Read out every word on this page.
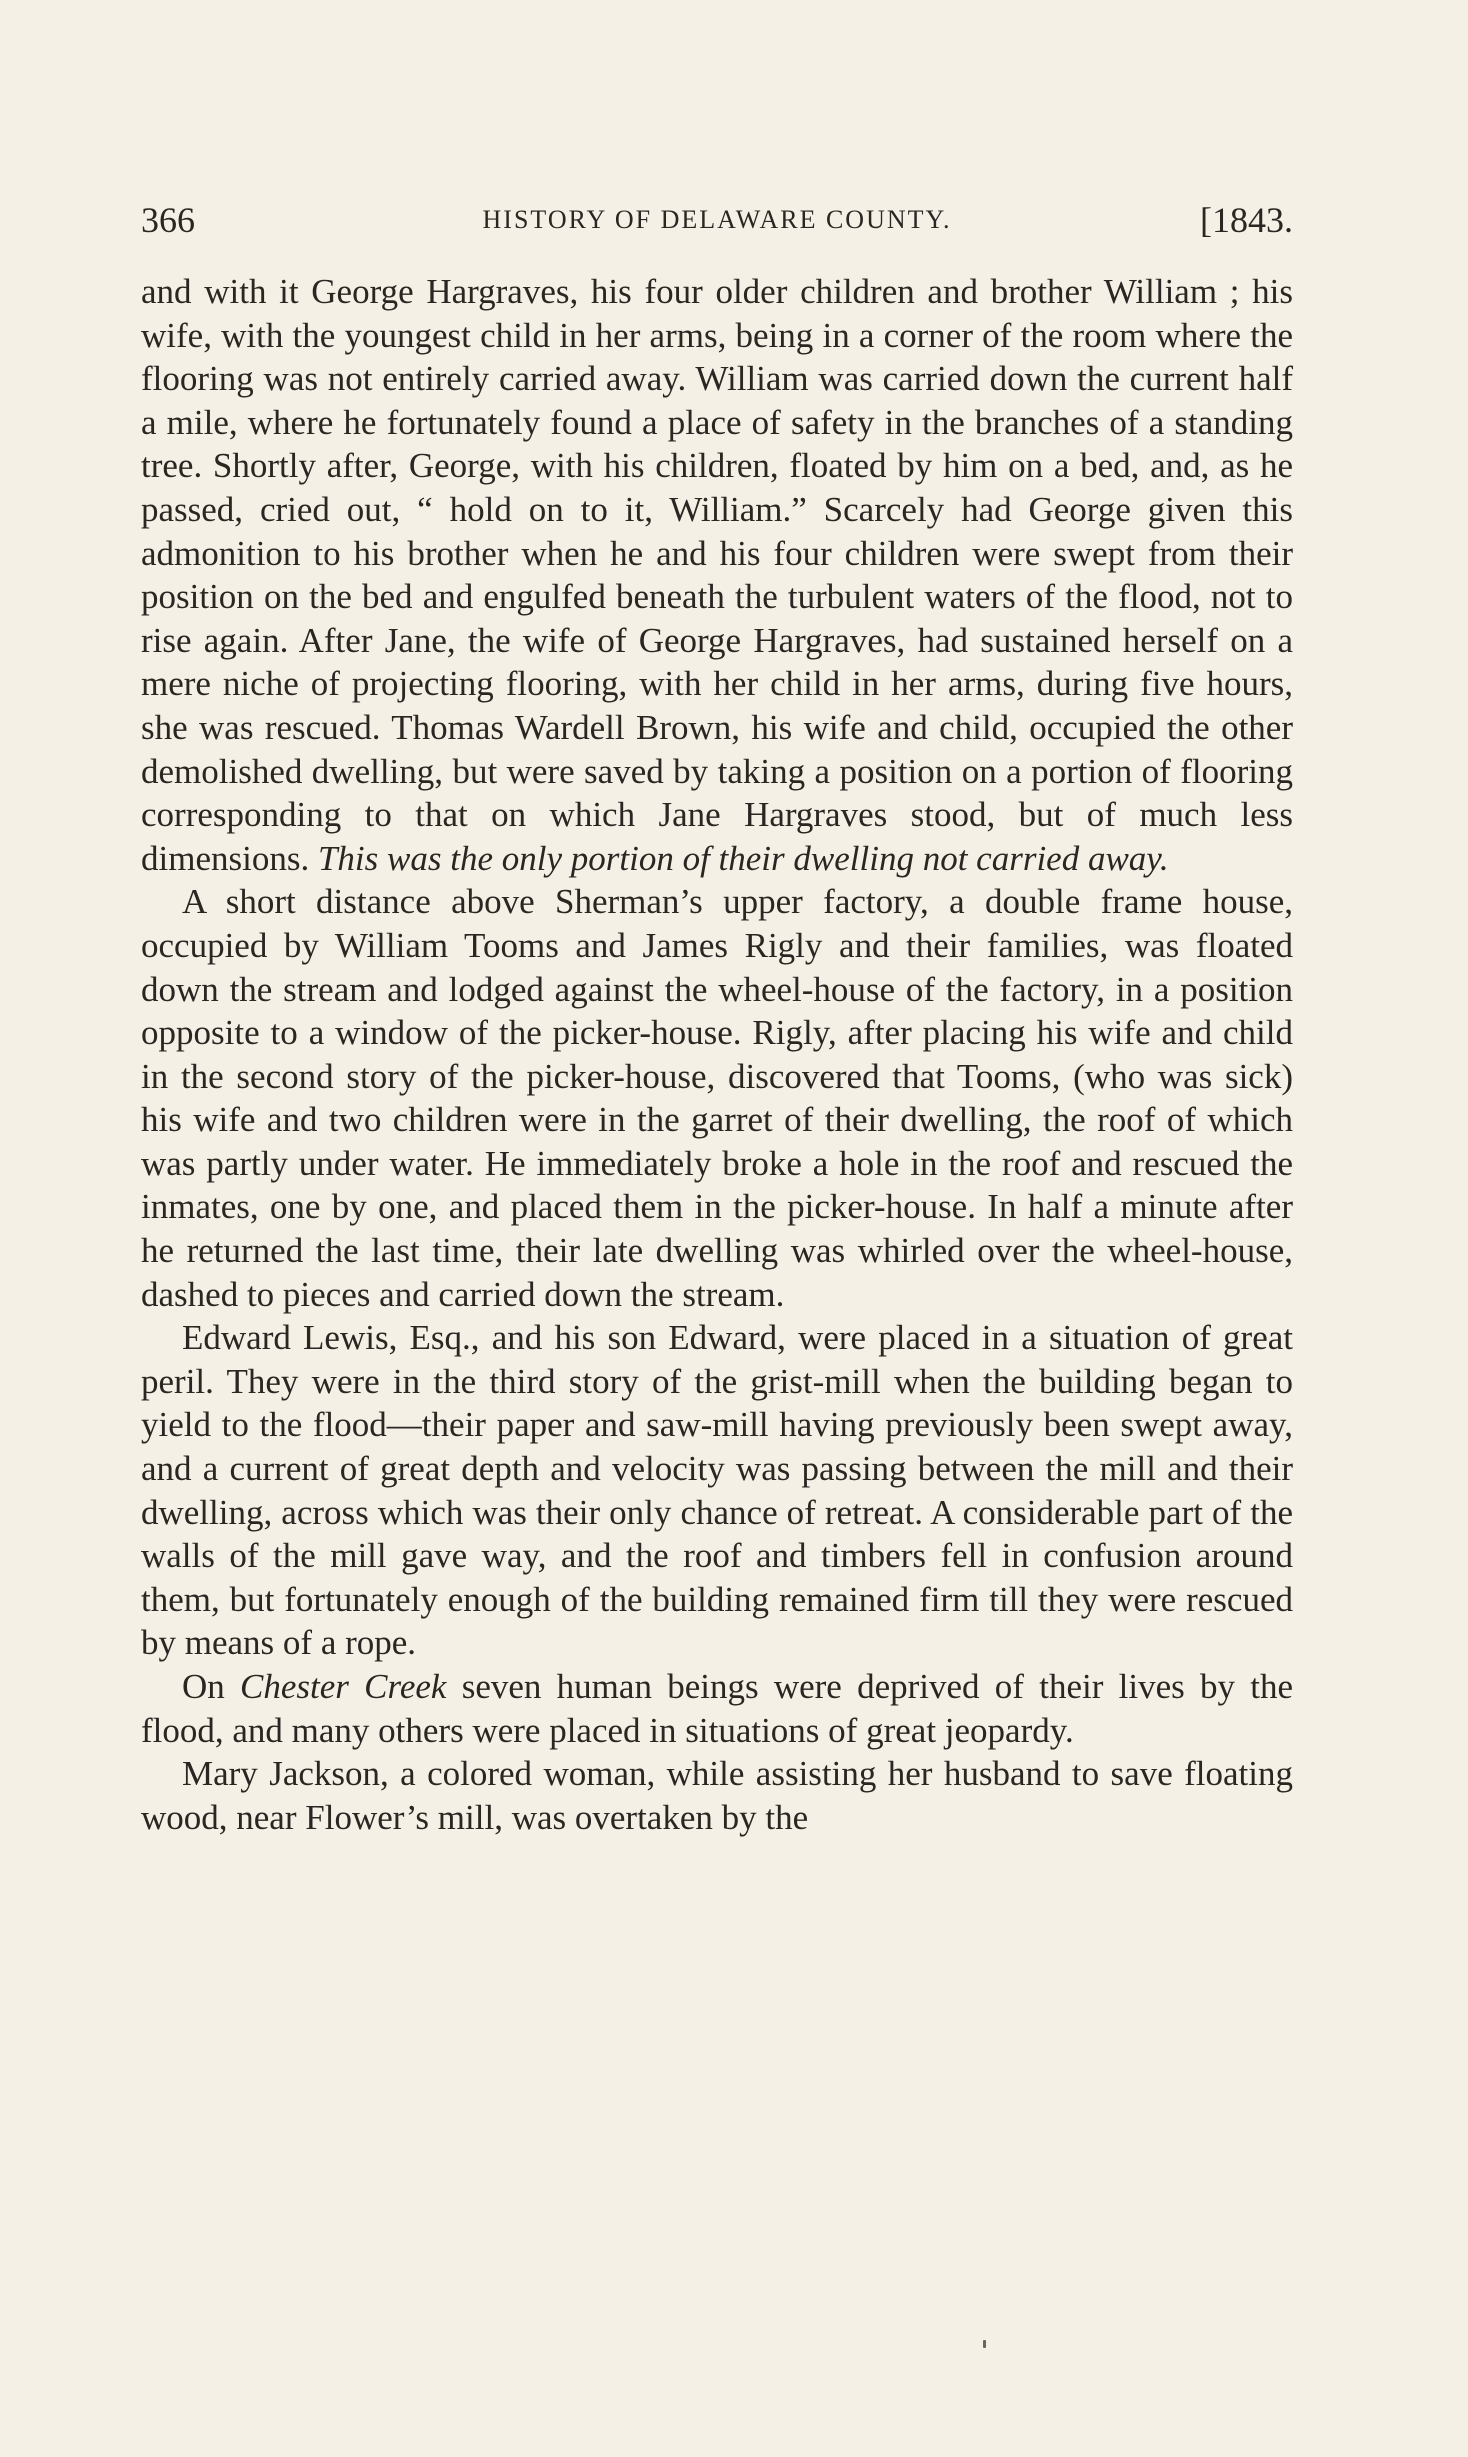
366	HISTORY OF DELAWARE COUNTY.	[1843.

and with it George Hargraves, his four older children and brother William ; his wife, with the youngest child in her arms, being in a corner of the room where the flooring was not entirely carried away. William was carried down the current half a mile, where he fortunately found a place of safety in the branches of a standing tree. Shortly after, George, with his children, floated by him on a bed, and, as he passed, cried out, “ hold on to it, William.” Scarcely had George given this admonition to his brother when he and his four children were swept from their position on the bed and engulfed beneath the turbulent waters of the flood, not to rise again. After Jane, the wife of George Hargraves, had sustained herself on a mere niche of projecting flooring, with her child in her arms, during five hours, she was rescued. Thomas Wardell Brown, his wife and child, occupied the other demolished dwelling, but were saved by taking a position on a portion of flooring corresponding to that on which Jane Hargraves stood, but of much less dimensions. This was the only portion of their dwelling not carried away.

A short distance above Sherman’s upper factory, a double frame house, occupied by William Tooms and James Rigly and their families, was floated down the stream and lodged against the wheel-house of the factory, in a position opposite to a window of the picker-house. Rigly, after placing his wife and child in the second story of the picker-house, discovered that Tooms, (who was sick) his wife and two children were in the garret of their dwelling, the roof of which was partly under water. He immediately broke a hole in the roof and rescued the inmates, one by one, and placed them in the picker-house. In half a minute after he returned the last time, their late dwelling was whirled over the wheel-house, dashed to pieces and carried down the stream.

Edward Lewis, Esq., and his son Edward, were placed in a situation of great peril. They were in the third story of the grist-mill when the building began to yield to the flood—their paper and saw-mill having previously been swept away, and a current of great depth and velocity was passing between the mill and their dwelling, across which was their only chance of retreat. A considerable part of the walls of the mill gave way, and the roof and timbers fell in confusion around them, but fortunately enough of the building remained firm till they were rescued by means of a rope.

On Chester Creek seven human beings were deprived of their lives by the flood, and many others were placed in situations of great jeopardy.

Mary Jackson, a colored woman, while assisting her husband to save floating wood, near Flower’s mill, was overtaken by the
